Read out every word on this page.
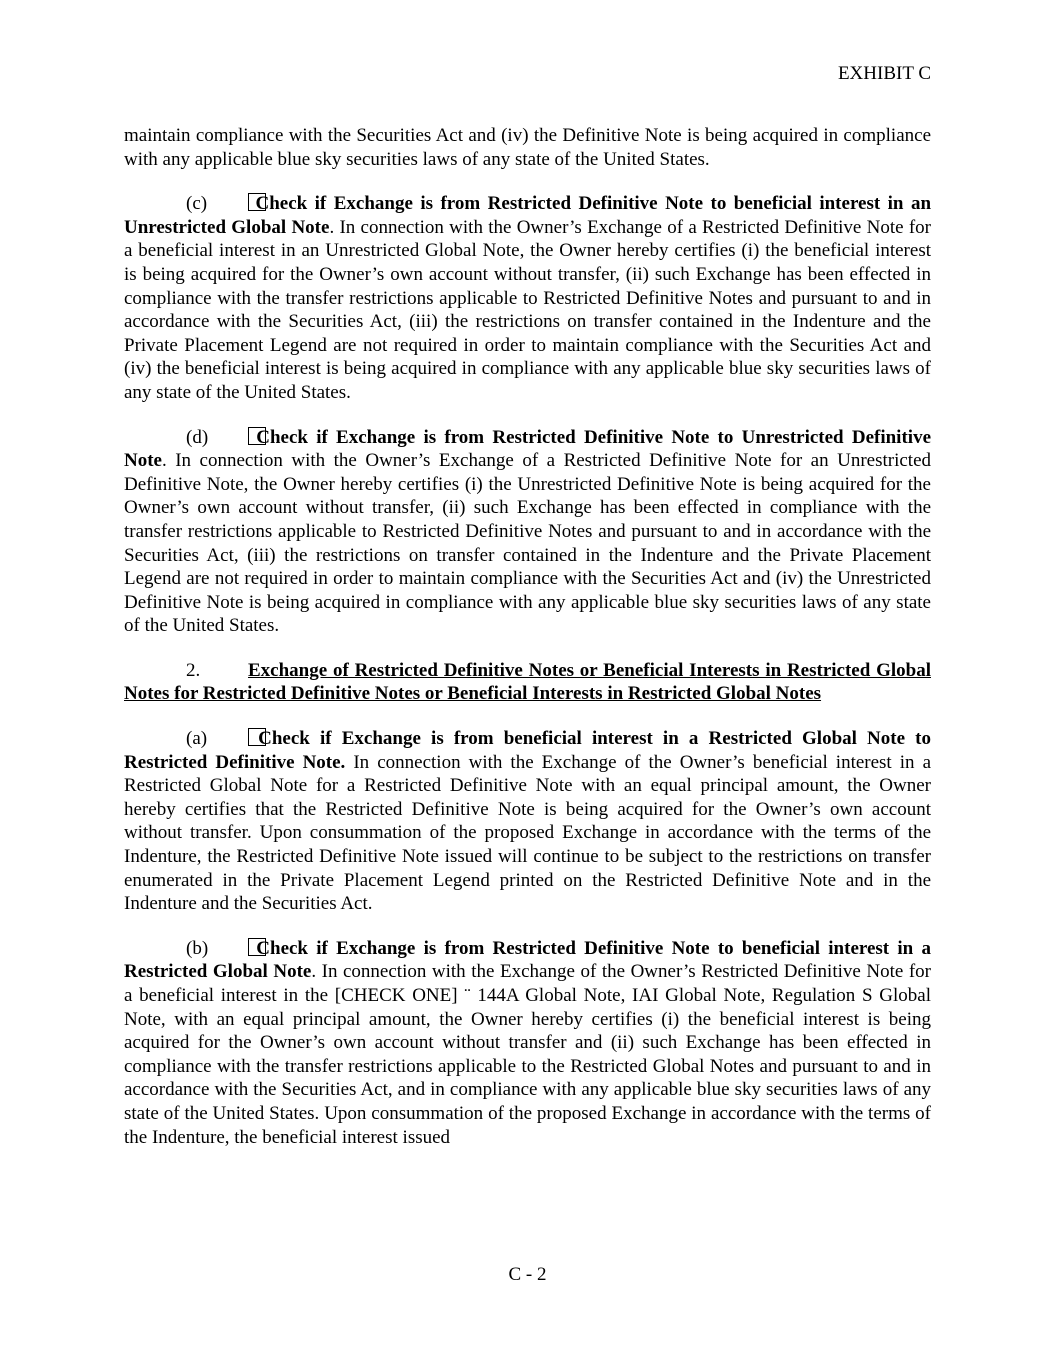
EXHIBIT C

maintain compliance with the Securities Act and (iv) the Definitive Note is being acquired in compliance with any applicable blue sky securities laws of any state of the United States.

(c)	Check if Exchange is from Restricted Definitive Note to beneficial interest in an Unrestricted Global Note. In connection with the Owner’s Exchange of a Restricted Definitive Note for a beneficial interest in an Unrestricted Global Note, the Owner hereby certifies (i) the beneficial interest is being acquired for the Owner’s own account without transfer, (ii) such Exchange has been effected in compliance with the transfer restrictions applicable to Restricted Definitive Notes and pursuant to and in accordance with the Securities Act, (iii) the restrictions on transfer contained in the Indenture and the Private Placement Legend are not required in order to maintain compliance with the Securities Act and (iv) the beneficial interest is being acquired in compliance with any applicable blue sky securities laws of any state of the United States.

(d)	Check if Exchange is from Restricted Definitive Note to Unrestricted Definitive Note. In connection with the Owner’s Exchange of a Restricted Definitive Note for an Unrestricted Definitive Note, the Owner hereby certifies (i) the Unrestricted Definitive Note is being acquired for the Owner’s own account without transfer, (ii) such Exchange has been effected in compliance with the transfer restrictions applicable to Restricted Definitive Notes and pursuant to and in accordance with the Securities Act, (iii) the restrictions on transfer contained in the Indenture and the Private Placement Legend are not required in order to maintain compliance with the Securities Act and (iv) the Unrestricted Definitive Note is being acquired in compliance with any applicable blue sky securities laws of any state of the United States.

2.	Exchange of Restricted Definitive Notes or Beneficial Interests in Restricted Global Notes for Restricted Definitive Notes or Beneficial Interests in Restricted Global Notes

(a)	Check if Exchange is from beneficial interest in a Restricted Global Note to Restricted Definitive Note. In connection with the Exchange of the Owner’s beneficial interest in a Restricted Global Note for a Restricted Definitive Note with an equal principal amount, the Owner hereby certifies that the Restricted Definitive Note is being acquired for the Owner’s own account without transfer. Upon consummation of the proposed Exchange in accordance with the terms of the Indenture, the Restricted Definitive Note issued will continue to be subject to the restrictions on transfer enumerated in the Private Placement Legend printed on the Restricted Definitive Note and in the Indenture and the Securities Act.

(b)	Check if Exchange is from Restricted Definitive Note to beneficial interest in a Restricted Global Note. In connection with the Exchange of the Owner’s Restricted Definitive Note for a beneficial interest in the [CHECK ONE] ¨ 144A Global Note, IAI Global Note, Regulation S Global Note, with an equal principal amount, the Owner hereby certifies (i) the beneficial interest is being acquired for the Owner’s own account without transfer and (ii) such Exchange has been effected in compliance with the transfer restrictions applicable to the Restricted Global Notes and pursuant to and in accordance with the Securities Act, and in compliance with any applicable blue sky securities laws of any state of the United States. Upon consummation of the proposed Exchange in accordance with the terms of the Indenture, the beneficial interest issued

C - 2
